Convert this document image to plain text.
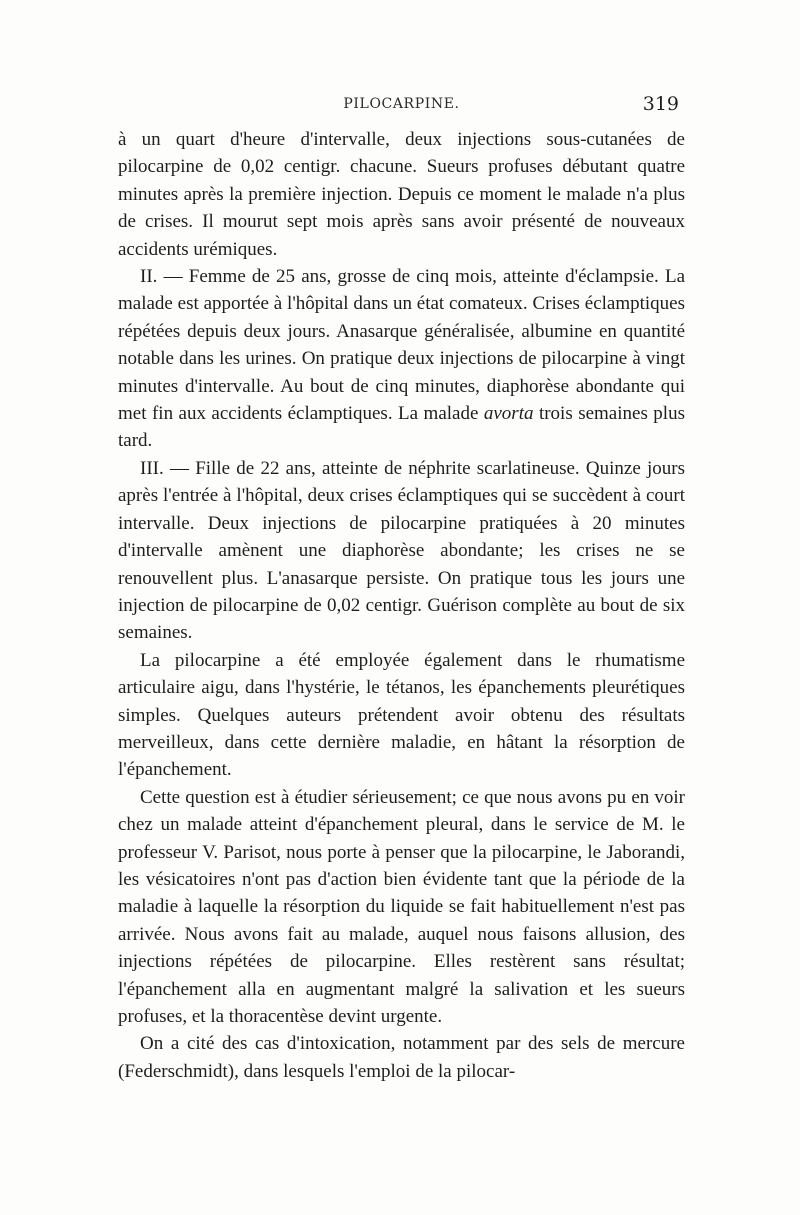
PILOCARPINE.	319

à un quart d'heure d'intervalle, deux injections sous-cutanées de pilocarpine de 0,02 centigr. chacune. Sueurs profuses débutant quatre minutes après la première injection. Depuis ce moment le malade n'a plus de crises. Il mourut sept mois après sans avoir présenté de nouveaux accidents urémiques.

II. — Femme de 25 ans, grosse de cinq mois, atteinte d'éclampsie. La malade est apportée à l'hôpital dans un état comateux. Crises éclamptiques répétées depuis deux jours. Anasarque généralisée, albumine en quantité notable dans les urines. On pratique deux injections de pilocarpine à vingt minutes d'intervalle. Au bout de cinq minutes, diaphorèse abondante qui met fin aux accidents éclamptiques. La malade avorta trois semaines plus tard.

III. — Fille de 22 ans, atteinte de néphrite scarlatineuse. Quinze jours après l'entrée à l'hôpital, deux crises éclamptiques qui se succèdent à court intervalle. Deux injections de pilocarpine pratiquées à 20 minutes d'intervalle amènent une diaphorèse abondante; les crises ne se renouvellent plus. L'anasarque persiste. On pratique tous les jours une injection de pilocarpine de 0,02 centigr. Guérison complète au bout de six semaines.

La pilocarpine a été employée également dans le rhumatisme articulaire aigu, dans l'hystérie, le tétanos, les épanchements pleurétiques simples. Quelques auteurs prétendent avoir obtenu des résultats merveilleux, dans cette dernière maladie, en hâtant la résorption de l'épanchement.

Cette question est à étudier sérieusement; ce que nous avons pu en voir chez un malade atteint d'épanchement pleural, dans le service de M. le professeur V. Parisot, nous porte à penser que la pilocarpine, le Jaborandi, les vésicatoires n'ont pas d'action bien évidente tant que la période de la maladie à laquelle la résorption du liquide se fait habituellement n'est pas arrivée. Nous avons fait au malade, auquel nous faisons allusion, des injections répétées de pilocarpine. Elles restèrent sans résultat; l'épanchement alla en augmentant malgré la salivation et les sueurs profuses, et la thoracentèse devint urgente.

On a cité des cas d'intoxication, notamment par des sels de mercure (Federschmidt), dans lesquels l'emploi de la pilocar-
